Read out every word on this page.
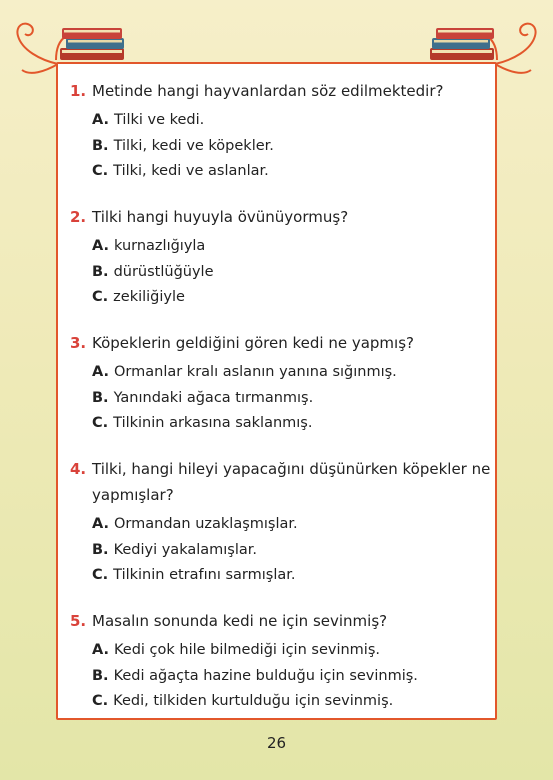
1. Metinde hangi hayvanlardan söz edilmektedir?
A. Tilki ve kedi.
B. Tilki, kedi ve köpekler.
C. Tilki, kedi ve aslanlar.
2. Tilki hangi huyuyla övünüyormuş?
A. kurnazlığıyla
B. dürüstlüğüyle
C. zekiliğiyle
3. Köpeklerin geldiğini gören kedi ne yapmış?
A. Ormanlar kralı aslanın yanına sığınmış.
B. Yanındaki ağaca tırmanmış.
C. Tilkinin arkasına saklanmış.
4. Tilki, hangi hileyi yapacağını düşünürken köpekler ne yapmışlar?
A. Ormandan uzaklaşmışlar.
B. Kediyi yakalamışlar.
C. Tilkinin etrafını sarmışlar.
5. Masalın sonunda kedi ne için sevinmiş?
A. Kedi çok hile bilmediği için sevinmiş.
B. Kedi ağaçta hazine bulduğu için sevinmiş.
C. Kedi, tilkiden kurtulduğu için sevinmiş.
26
